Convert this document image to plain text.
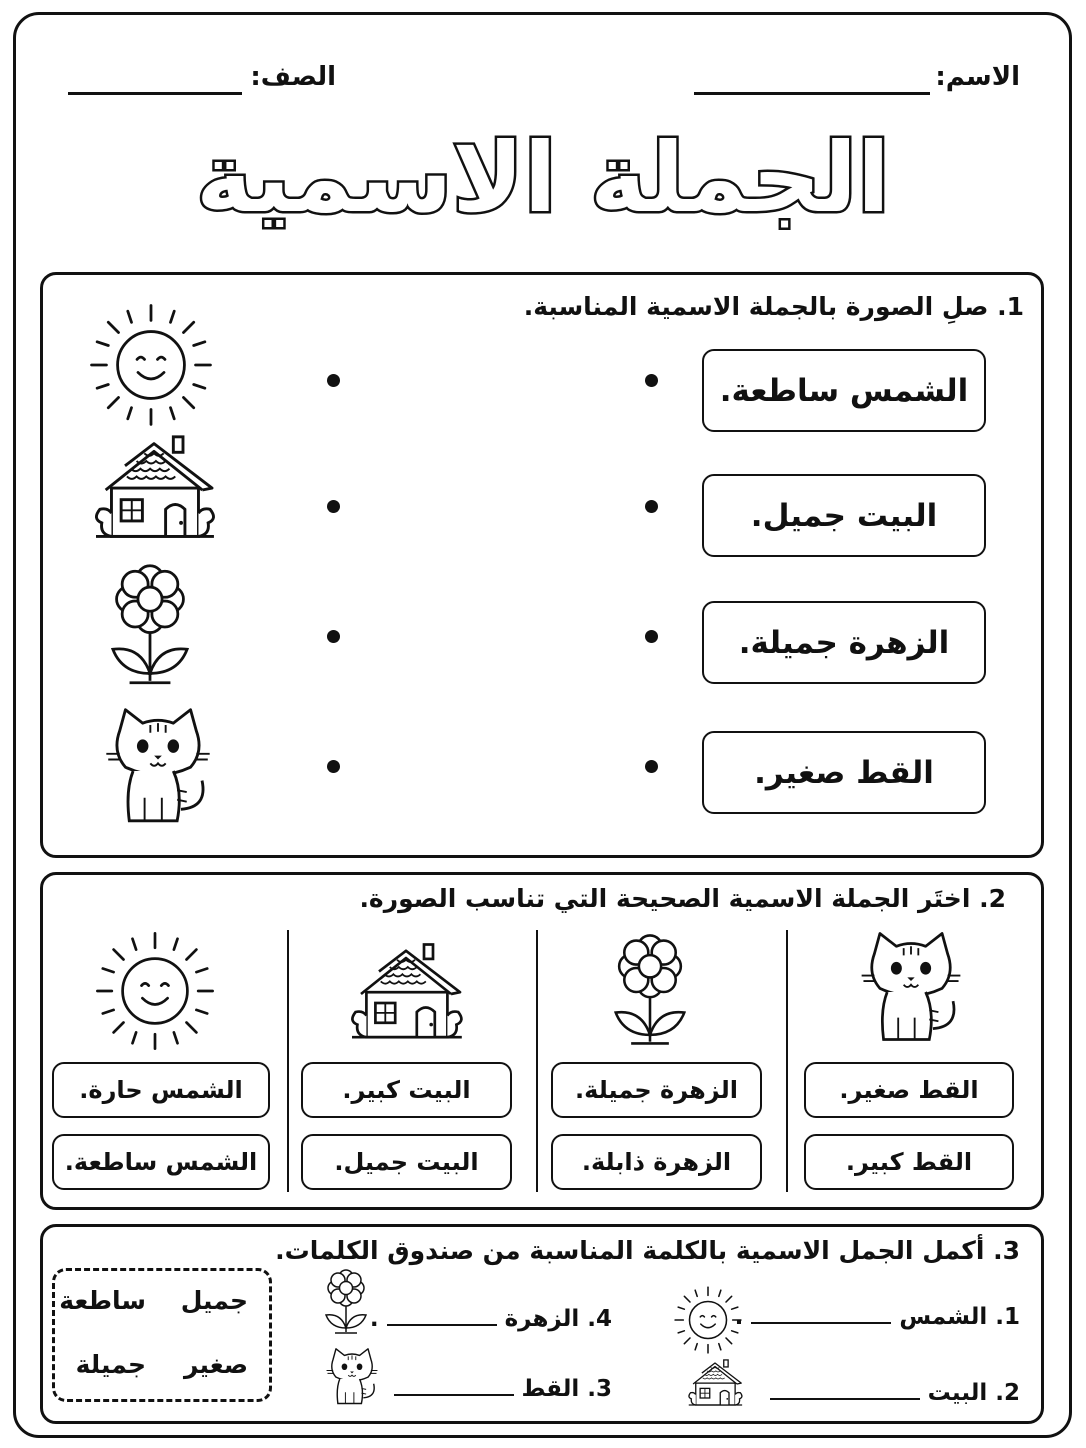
الاسم:
الصف:
الجملة الاسمية
1. صلِ الصورة بالجملة الاسمية المناسبة.
الشمس ساطعة.
البيت جميل.
الزهرة جميلة.
القط صغير.
2. اختَر الجملة الاسمية الصحيحة التي تناسب الصورة.
القط صغير.
القط كبير.
الزهرة جميلة.
الزهرة ذابلة.
البيت كبير.
البيت جميل.
الشمس حارة.
الشمس ساطعة.
3. أكمل الجمل الاسمية بالكلمة المناسبة من صندوق الكلمات.
1.
الشمس
.
2.
البيت
3.
القط
4.
الزهرة
.
جميل
ساطعة
صغير
جميلة
